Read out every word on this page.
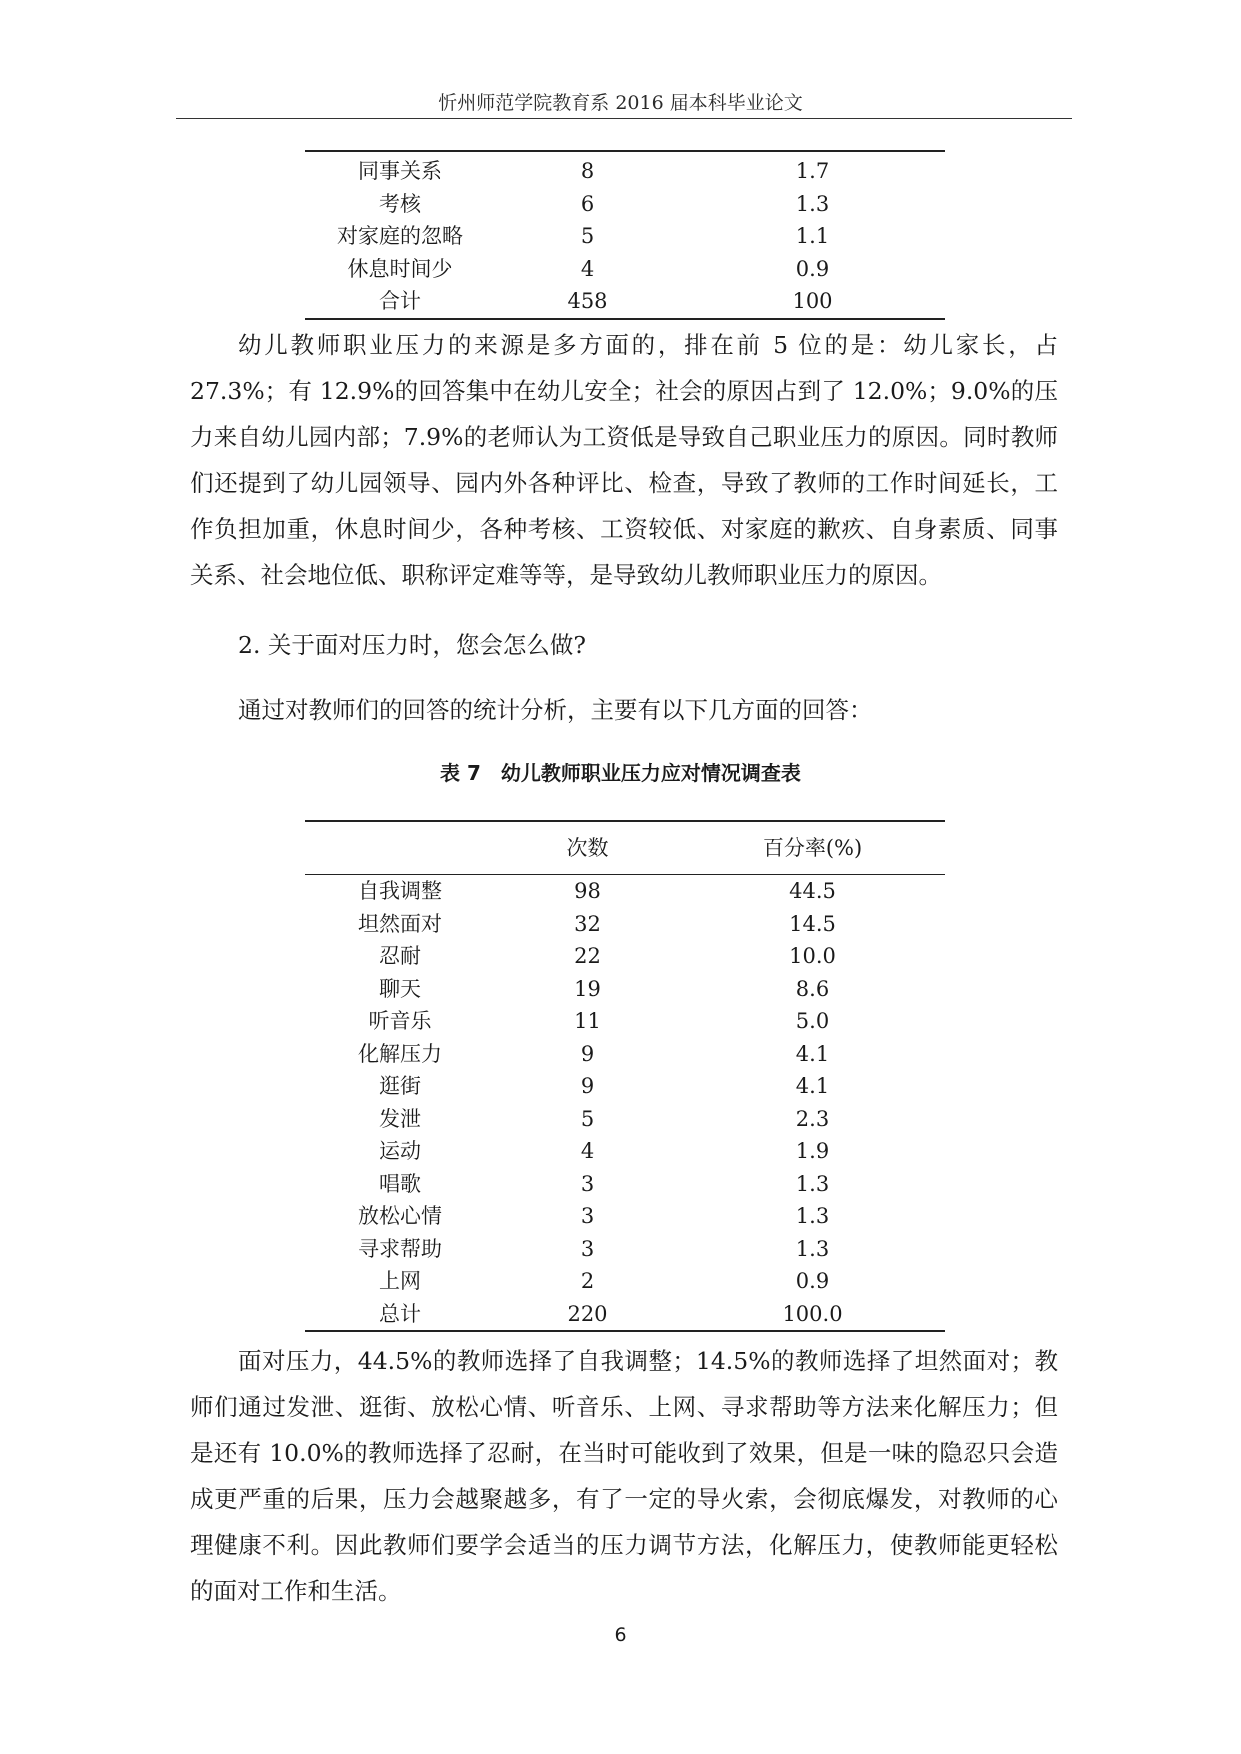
忻州师范学院教育系 2016 届本科毕业论文
同事关系	8	1.7
考核	6	1.3
对家庭的忽略	5	1.1
休息时间少	4	0.9
合计	458	100

幼儿教师职业压力的来源是多方面的，排在前 5 位的是：幼儿家长，占 27.3%；有 12.9%的回答集中在幼儿安全；社会的原因占到了 12.0%；9.0%的压力来自幼儿园内部；7.9%的老师认为工资低是导致自己职业压力的原因。同时教师们还提到了幼儿园领导、园内外各种评比、检查，导致了教师的工作时间延长，工作负担加重，休息时间少，各种考核、工资较低、对家庭的歉疚、自身素质、同事关系、社会地位低、职称评定难等等，是导致幼儿教师职业压力的原因。

2. 关于面对压力时，您会怎么做?

通过对教师们的回答的统计分析，主要有以下几方面的回答：

表 7　幼儿教师职业压力应对情况调查表
	次数	百分率(%)
自我调整	98	44.5
坦然面对	32	14.5
忍耐	22	10.0
聊天	19	8.6
听音乐	11	5.0
化解压力	9	4.1
逛街	9	4.1
发泄	5	2.3
运动	4	1.9
唱歌	3	1.3
放松心情	3	1.3
寻求帮助	3	1.3
上网	2	0.9
总计	220	100.0

面对压力，44.5%的教师选择了自我调整；14.5%的教师选择了坦然面对；教师们通过发泄、逛街、放松心情、听音乐、上网、寻求帮助等方法来化解压力；但是还有 10.0%的教师选择了忍耐，在当时可能收到了效果，但是一味的隐忍只会造成更严重的后果，压力会越聚越多，有了一定的导火索，会彻底爆发，对教师的心理健康不利。因此教师们要学会适当的压力调节方法，化解压力，使教师能更轻松的面对工作和生活。

6
